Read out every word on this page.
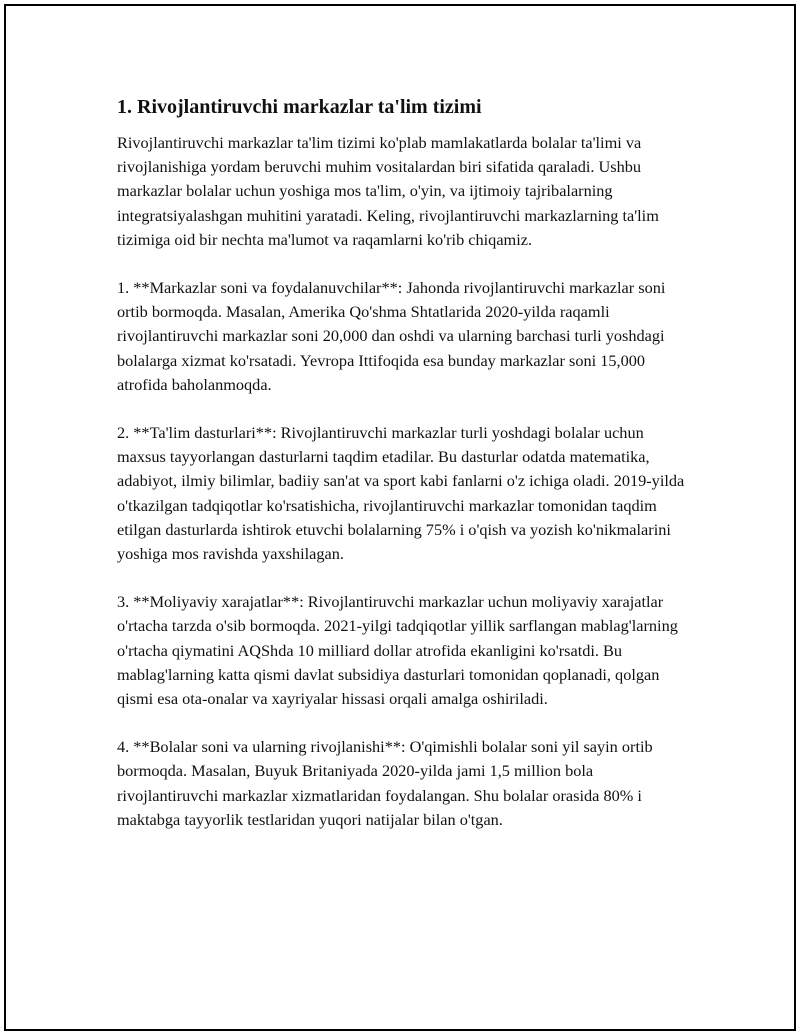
1. Rivojlantiruvchi markazlar ta'lim tizimi

Rivojlantiruvchi markazlar ta'lim tizimi ko'plab mamlakatlarda bolalar ta'limi va rivojlanishiga yordam beruvchi muhim vositalardan biri sifatida qaraladi. Ushbu markazlar bolalar uchun yoshiga mos ta'lim, o'yin, va ijtimoiy tajribalarning integratsiyalashgan muhitini yaratadi. Keling, rivojlantiruvchi markazlarning ta'lim tizimiga oid bir nechta ma'lumot va raqamlarni ko'rib chiqamiz.

1. **Markazlar soni va foydalanuvchilar**: Jahonda rivojlantiruvchi markazlar soni ortib bormoqda. Masalan, Amerika Qo'shma Shtatlarida 2020-yilda raqamli rivojlantiruvchi markazlar soni 20,000 dan oshdi va ularning barchasi turli yoshdagi bolalarga xizmat ko'rsatadi. Yevropa Ittifoqida esa bunday markazlar soni 15,000 atrofida baholanmoqda.

2. **Ta'lim dasturlari**: Rivojlantiruvchi markazlar turli yoshdagi bolalar uchun maxsus tayyorlangan dasturlarni taqdim etadilar. Bu dasturlar odatda matematika, adabiyot, ilmiy bilimlar, badiiy san'at va sport kabi fanlarni o'z ichiga oladi. 2019-yilda o'tkazilgan tadqiqotlar ko'rsatishicha, rivojlantiruvchi markazlar tomonidan taqdim etilgan dasturlarda ishtirok etuvchi bolalarning 75% i o'qish va yozish ko'nikmalarini yoshiga mos ravishda yaxshilagan.

3. **Moliyaviy xarajatlar**: Rivojlantiruvchi markazlar uchun moliyaviy xarajatlar o'rtacha tarzda o'sib bormoqda. 2021-yilgi tadqiqotlar yillik sarflangan mablag'larning o'rtacha qiymatini AQShda 10 milliard dollar atrofida ekanligini ko'rsatdi. Bu mablag'larning katta qismi davlat subsidiya dasturlari tomonidan qoplanadi, qolgan qismi esa ota-onalar va xayriyalar hissasi orqali amalga oshiriladi.

4. **Bolalar soni va ularning rivojlanishi**: O'qimishli bolalar soni yil sayin ortib bormoqda. Masalan, Buyuk Britaniyada 2020-yilda jami 1,5 million bola rivojlantiruvchi markazlar xizmatlaridan foydalangan. Shu bolalar orasida 80% i maktabga tayyorlik testlaridan yuqori natijalar bilan o'tgan.
